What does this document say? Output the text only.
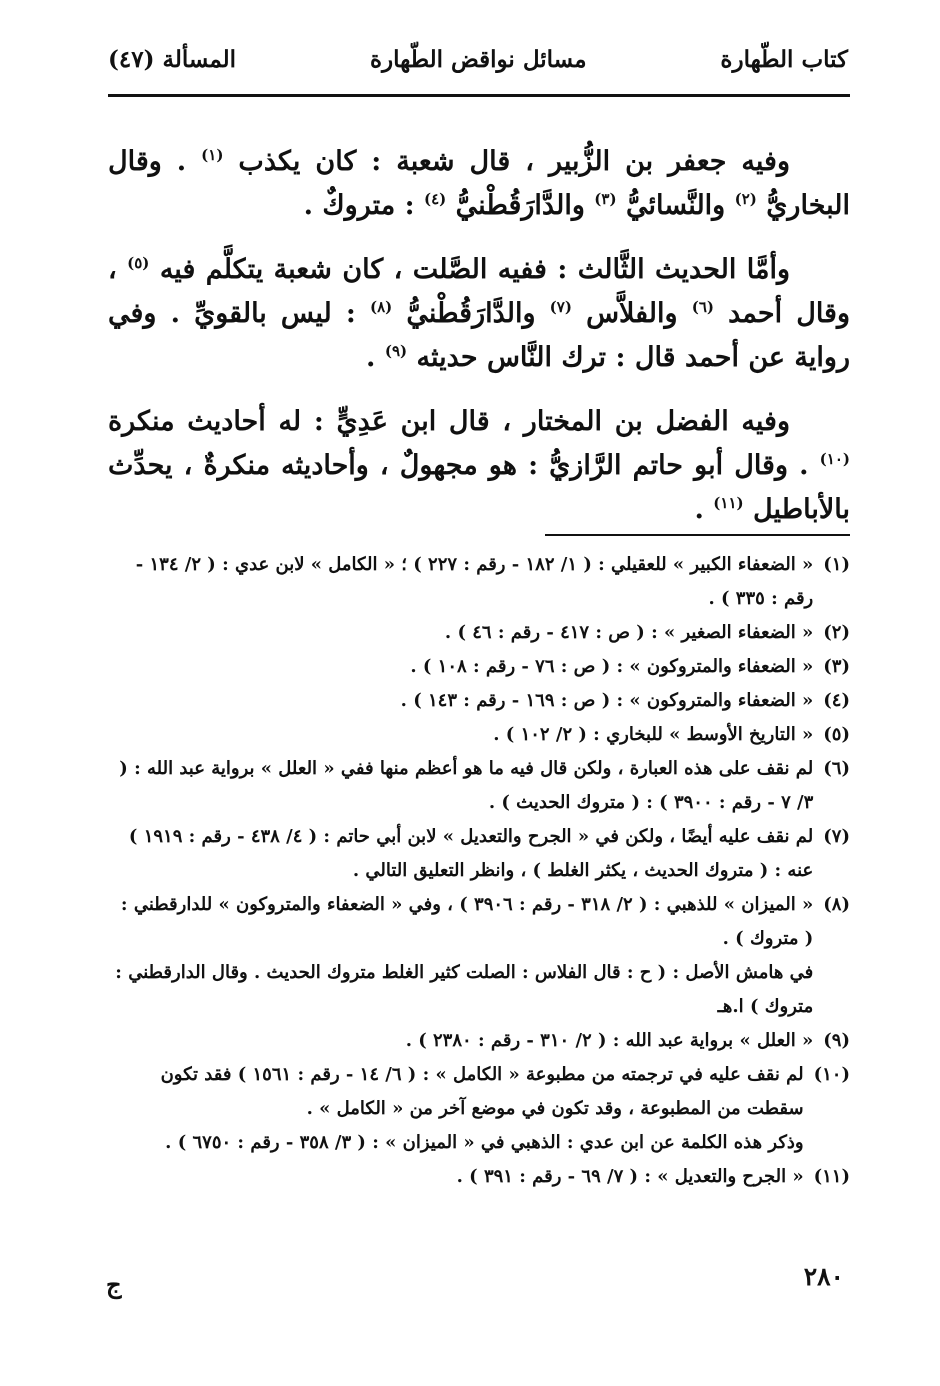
كتاب الطّهارة
مسائل نواقض الطّهارة
المسألة (٤٧)

وفيه جعفر بن الزُّبير ، قال شعبة : كان يكذب $^{(١)}$ . وقال البخاريُّ $^{(٢)}$ والنَّسائيُّ $^{(٣)}$ والدَّارَقُطْنيُّ $^{(٤)}$ : متروكٌ .

وأمَّا الحديث الثَّالث : ففيه الصَّلت ، كان شعبة يتكلَّم فيه $^{(٥)}$ ، وقال أحمد $^{(٦)}$ والفلاَّس $^{(٧)}$ والدَّارَقُطْنيُّ $^{(٨)}$ : ليس بالقويِّ . وفي رواية عن أحمد قال : ترك النَّاس حديثه $^{(٩)}$ .

وفيه الفضل بن المختار ، قال ابن عَدِيٍّ : له أحاديث منكرة $^{(١٠)}$ . وقال أبو حاتم الرَّازيُّ : هو مجهولٌ ، وأحاديثه منكرةٌ ، يحدِّث بالأباطيل $^{(١١)}$ .

(١)
« الضعفاء الكبير » للعقيلي : ( ١/ ١٨٢ - رقم : ٢٢٧ ) ؛ « الكامل » لابن عدي : ( ٢/ ١٣٤ - رقم : ٣٣٥ ) .
(٢)
« الضعفاء الصغير » : ( ص : ٤١٧ - رقم : ٤٦ ) .
(٣)
« الضعفاء والمتروكون » : ( ص : ٧٦ - رقم : ١٠٨ ) .
(٤)
« الضعفاء والمتروكون » : ( ص : ١٦٩ - رقم : ١٤٣ ) .
(٥)
« التاريخ الأوسط » للبخاري : ( ٢/ ١٠٢ ) .
(٦)
لم نقف على هذه العبارة ، ولكن قال فيه ما هو أعظم منها ففي « العلل » برواية عبد الله : ( ٣/ ٧ - رقم : ٣٩٠٠ ) : ( متروك الحديث ) .
(٧)
لم نقف عليه أيضًا ، ولكن في « الجرح والتعديل » لابن أبي حاتم : ( ٤/ ٤٣٨ - رقم : ١٩١٩ ) عنه : ( متروك الحديث ، يكثر الغلط ) ، وانظر التعليق التالي .
(٨)
« الميزان » للذهبي : ( ٢/ ٣١٨ - رقم : ٣٩٠٦ ) ، وفي « الضعفاء والمتروكون » للدارقطني : ( متروك ) .
في هامش الأصل : ( ح : قال الفلاس : الصلت كثير الغلط متروك الحديث . وقال الدارقطني : متروك ) ا.هـ
(٩)
« العلل » برواية عبد الله : ( ٢/ ٣١٠ - رقم : ٢٣٨٠ ) .
(١٠)
لم نقف عليه في ترجمته من مطبوعة « الكامل » : ( ٦/ ١٤ - رقم : ١٥٦١ ) فقد تكون سقطت من المطبوعة ، وقد تكون في موضع آخر من « الكامل » .
وذكر هذه الكلمة عن ابن عدي : الذهبي في « الميزان » : ( ٣/ ٣٥٨ - رقم : ٦٧٥٠ ) .
(١١)
« الجرح والتعديل » : ( ٧/ ٦٩ - رقم : ٣٩١ ) .
٢٨٠
ج
